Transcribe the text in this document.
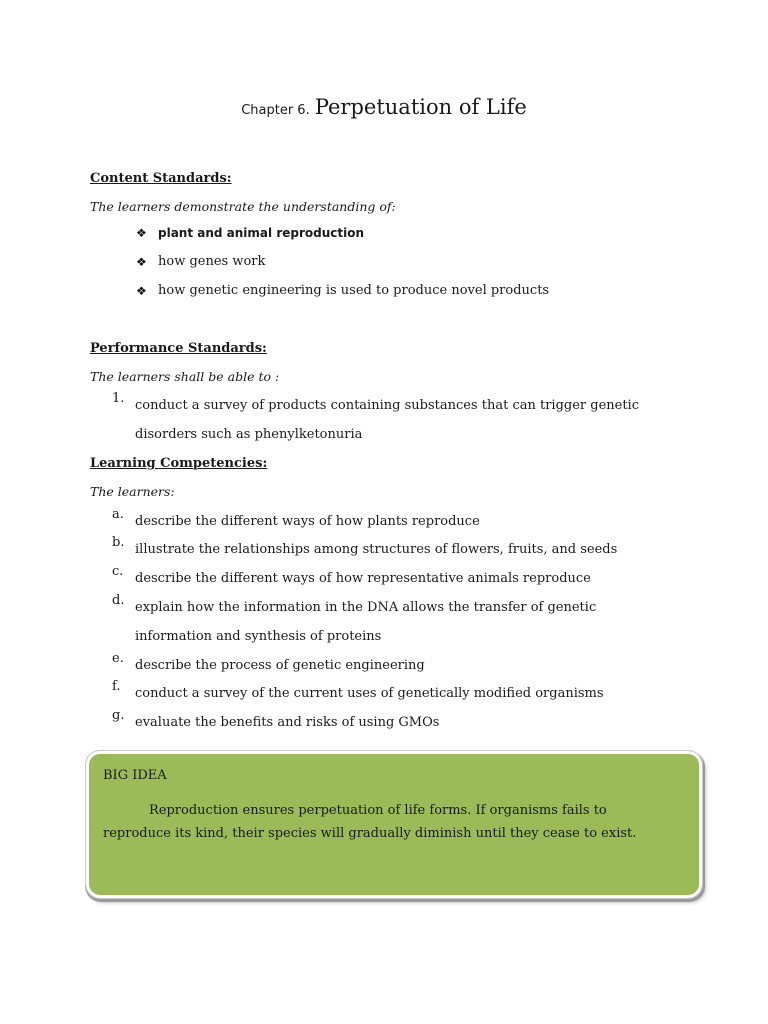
Chapter 6. Perpetuation of Life
Content Standards:
The learners demonstrate the understanding of:
❖ plant and animal reproduction
❖ how genes work
❖ how genetic engineering is used to produce novel products
Performance Standards:
The learners shall be able to :
1. conduct a survey of products containing substances that can trigger genetic disorders such as phenylketonuria
Learning Competencies:
The learners:
a. describe the different ways of how plants reproduce
b. illustrate the relationships among structures of flowers, fruits, and seeds
c. describe the different ways of how representative animals reproduce
d. explain how the information in the DNA allows the transfer of genetic information and synthesis of proteins
e. describe the process of genetic engineering
f.	conduct a survey of the current uses of genetically modified organisms
g. evaluate the benefits and risks of using GMOs
BIG IDEA
Reproduction ensures perpetuation of life forms. If organisms fails to reproduce its kind, their species will gradually diminish until they cease to exist.
